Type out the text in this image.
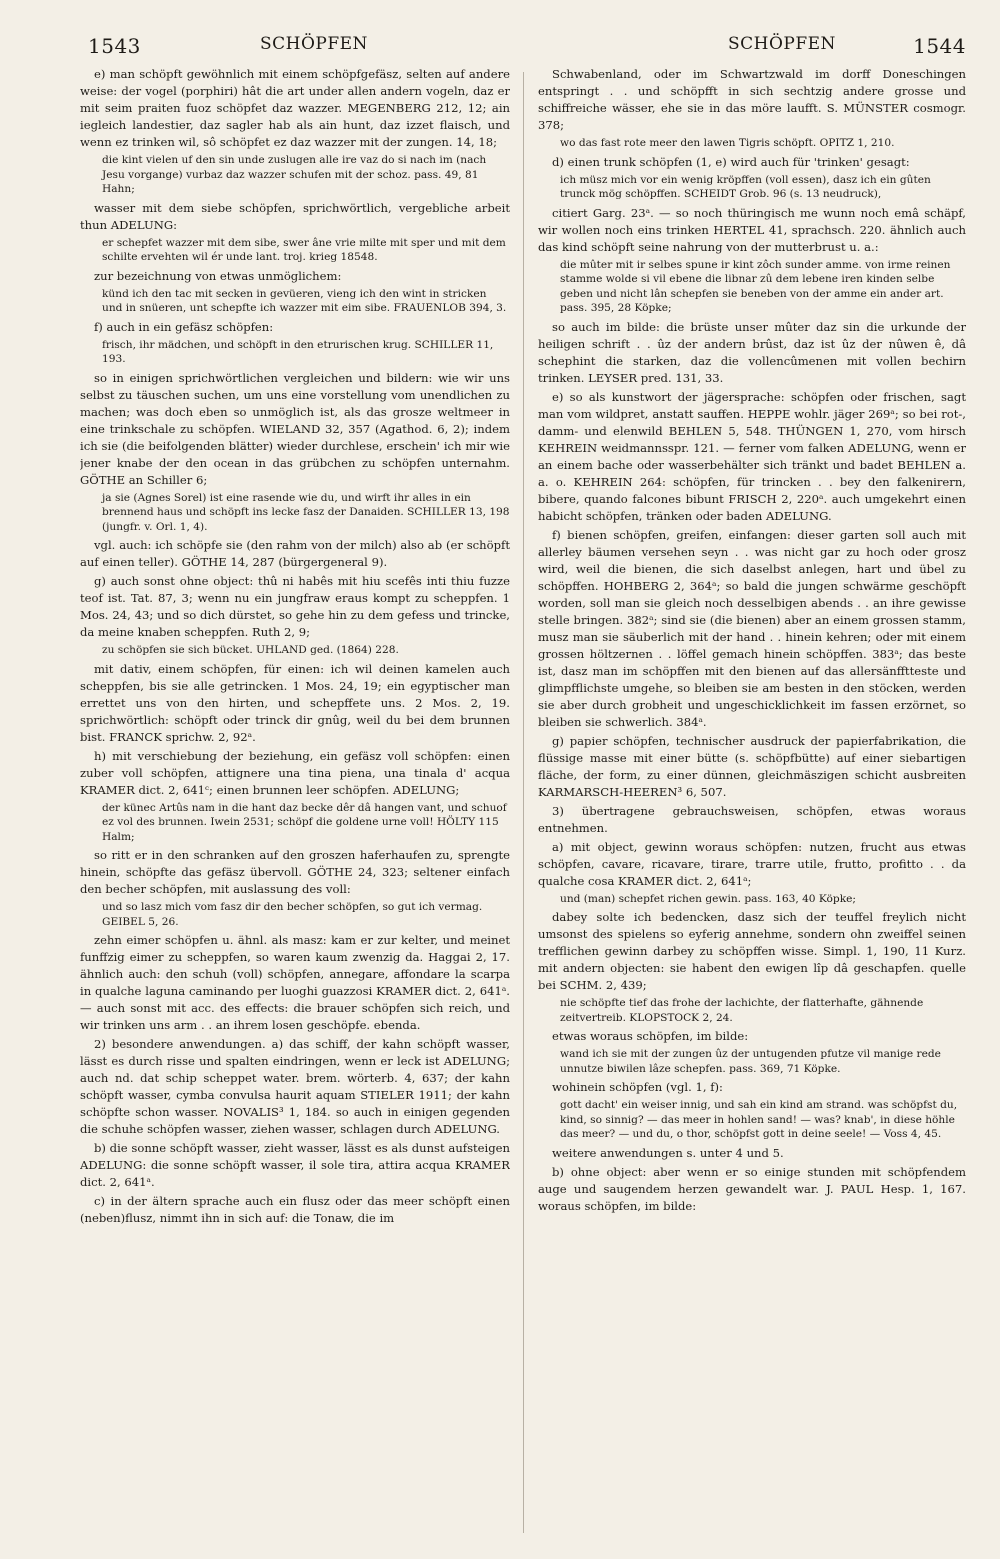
1543	SCHÖPFEN	SCHÖPFEN	1544

e) man schöpft gewöhnlich mit einem schöpfgefäsz, selten auf andere weise: der vogel (porphiri) hât die art under allen andern vogeln, daz er mit seim praiten fuoz schöpfet daz wazzer. MEGENBERG 212, 12; ain iegleich landestier, daz sagler hab als ain hunt, daz izzet flaisch, und wenn ez trinken wil, sô schöpfet ez daz wazzer mit der zungen. 14, 18;

die kint vielen uf den sin unde zuslugen alle ire vaz do si nach im (nach Jesu vorgange) vurbaz daz wazzer schufen mit der schoz. pass. 49, 81 Hahn;

wasser mit dem siebe schöpfen, sprichwörtlich, vergebliche arbeit thun ADELUNG:

er schepfet wazzer mit dem sibe, swer âne vrie milte mit sper und mit dem schilte ervehten wil ér unde lant. troj. krieg 18548.

zur bezeichnung von etwas unmöglichem:

künd ich den tac mit secken in gevüeren, vieng ich den wint in stricken und in snüeren, unt schepfte ich wazzer mit eim sibe. FRAUENLOB 394, 3.

f) auch in ein gefäsz schöpfen:

frisch, ihr mädchen, und schöpft in den etrurischen krug. SCHILLER 11, 193.

so in einigen sprichwörtlichen vergleichen und bildern: wie wir uns selbst zu täuschen suchen, um uns eine vorstellung vom unendlichen zu machen; was doch eben so unmöglich ist, als das grosze weltmeer in eine trinkschale zu schöpfen. WIELAND 32, 357 (Agathod. 6, 2); indem ich sie (die beifolgenden blätter) wieder durchlese, erschein' ich mir wie jener knabe der den ocean in das grübchen zu schöpfen unternahm. GÖTHE an Schiller 6;

ja sie (Agnes Sorel) ist eine rasende wie du, und wirft ihr alles in ein brennend haus und schöpft ins lecke fasz der Danaiden. SCHILLER 13, 198 (jungfr. v. Orl. 1, 4).

vgl. auch: ich schöpfe sie (den rahm von der milch) also ab (er schöpft auf einen teller). GÖTHE 14, 287 (bürgergeneral 9).

g) auch sonst ohne object: thû ni habês mit hiu scefês inti thiu fuzze teof ist. Tat. 87, 3; wenn nu ein jungfraw eraus kompt zu scheppfen. 1 Mos. 24, 43; und so dich dürstet, so gehe hin zu dem gefess und trincke, da meine knaben scheppfen. Ruth 2, 9;

zu schöpfen sie sich bücket. UHLAND ged. (1864) 228.

mit dativ, einem schöpfen, für einen: ich wil deinen kamelen auch scheppfen, bis sie alle getrincken. 1 Mos. 24, 19; ein egyptischer man errettet uns von den hirten, und schepffete uns. 2 Mos. 2, 19. sprichwörtlich: schöpft oder trinck dir gnûg, weil du bei dem brunnen bist. FRANCK sprichw. 2, 92ᵃ.

h) mit verschiebung der beziehung, ein gefäsz voll schöpfen: einen zuber voll schöpfen, attignere una tina piena, una tinala d' acqua KRAMER dict. 2, 641ᶜ; einen brunnen leer schöpfen. ADELUNG;

der künec Artûs nam in die hant daz becke dêr dâ hangen vant, und schuof ez vol des brunnen. Iwein 2531; schöpf die goldene urne voll! HÖLTY 115 Halm;

so ritt er in den schranken auf den groszen haferhaufen zu, sprengte hinein, schöpfte das gefäsz übervoll. GÖTHE 24, 323; seltener einfach den becher schöpfen, mit auslassung des voll:

und so lasz mich vom fasz dir den becher schöpfen, so gut ich vermag. GEIBEL 5, 26.

zehn eimer schöpfen u. ähnl. als masz: kam er zur kelter, und meinet funffzig eimer zu scheppfen, so waren kaum zwenzig da. Haggai 2, 17. ähnlich auch: den schuh (voll) schöpfen, annegare, affondare la scarpa in qualche laguna caminando per luoghi guazzosi KRAMER dict. 2, 641ᵃ. — auch sonst mit acc. des effects: die brauer schöpfen sich reich, und wir trinken uns arm . . an ihrem losen geschöpfe. ebenda.

2) besondere anwendungen. a) das schiff, der kahn schöpft wasser, lässt es durch risse und spalten eindringen, wenn er leck ist ADELUNG; auch nd. dat schip scheppet water. brem. wörterb. 4, 637; der kahn schöpft wasser, cymba convulsa haurit aquam STIELER 1911; der kahn schöpfte schon wasser. NOVALIS³ 1, 184. so auch in einigen gegenden die schuhe schöpfen wasser, ziehen wasser, schlagen durch ADELUNG.

b) die sonne schöpft wasser, zieht wasser, lässt es als dunst aufsteigen ADELUNG: die sonne schöpft wasser, il sole tira, attira acqua KRAMER dict. 2, 641ᵃ.

c) in der ältern sprache auch ein flusz oder das meer schöpft einen (neben)flusz, nimmt ihn in sich auf: die Tonaw, die im

Schwabenland, oder im Schwartzwald im dorff Doneschingen entspringt . . und schöpfft in sich sechtzig andere grosse und schiffreiche wässer, ehe sie in das möre laufft. S. MÜNSTER cosmogr. 378;

wo das fast rote meer den lawen Tigris schöpft. OPITZ 1, 210.

d) einen trunk schöpfen (1, e) wird auch für 'trinken' gesagt:

ich müsz mich vor ein wenig kröpffen (voll essen), dasz ich ein gûten trunck mög schöpffen. SCHEIDT Grob. 96 (s. 13 neudruck),

citiert Garg. 23ᵃ. — so noch thüringisch me wunn noch emâ schäpf, wir wollen noch eins trinken HERTEL 41, sprachsch. 220. ähnlich auch das kind schöpft seine nahrung von der mutterbrust u. a.:

die mûter mit ir selbes spune ir kint zôch sunder amme. von irme reinen stamme wolde si vil ebene die libnar zû dem lebene iren kinden selbe geben und nicht lân schepfen sie beneben von der amme ein ander art. pass. 395, 28 Köpke;

so auch im bilde: die brüste unser mûter daz sin die urkunde der heiligen schrift . . ûz der andern brûst, daz ist ûz der nûwen ê, dâ schephint die starken, daz die vollencûmenen mit vollen bechirn trinken. LEYSER pred. 131, 33.

e) so als kunstwort der jägersprache: schöpfen oder frischen, sagt man vom wildpret, anstatt sauffen. HEPPE wohlr. jäger 269ᵃ; so bei rot-, damm- und elenwild BEHLEN 5, 548. THÜNGEN 1, 270, vom hirsch KEHREIN weidmannsspr. 121. — ferner vom falken ADELUNG, wenn er an einem bache oder wasserbehälter sich tränkt und badet BEHLEN a. a. o. KEHREIN 264: schöpfen, für trincken . . bey den falkenirern, bibere, quando falcones bibunt FRISCH 2, 220ᵃ. auch umgekehrt einen habicht schöpfen, tränken oder baden ADELUNG.

f) bienen schöpfen, greifen, einfangen: dieser garten soll auch mit allerley bäumen versehen seyn . . was nicht gar zu hoch oder grosz wird, weil die bienen, die sich daselbst anlegen, hart und übel zu schöpffen. HOHBERG 2, 364ᵃ; so bald die jungen schwärme geschöpft worden, soll man sie gleich noch desselbigen abends . . an ihre gewisse stelle bringen. 382ᵃ; sind sie (die bienen) aber an einem grossen stamm, musz man sie säuberlich mit der hand . . hinein kehren; oder mit einem grossen höltzernen . . löffel gemach hinein schöpffen. 383ᵃ; das beste ist, dasz man im schöpffen mit den bienen auf das allersänfftteste und glimpfflichste umgehe, so bleiben sie am besten in den stöcken, werden sie aber durch grobheit und ungeschicklichkeit im fassen erzörnet, so bleiben sie schwerlich. 384ᵃ.

g) papier schöpfen, technischer ausdruck der papierfabrikation, die flüssige masse mit einer bütte (s. schöpfbütte) auf einer siebartigen fläche, der form, zu einer dünnen, gleichmäszigen schicht ausbreiten KARMARSCH-HEEREN³ 6, 507.

3) übertragene gebrauchsweisen, schöpfen, etwas woraus entnehmen.

a) mit object, gewinn woraus schöpfen: nutzen, frucht aus etwas schöpfen, cavare, ricavare, tirare, trarre utile, frutto, profitto . . da qualche cosa KRAMER dict. 2, 641ᵃ;

und (man) schepfet richen gewin. pass. 163, 40 Köpke;

dabey solte ich bedencken, dasz sich der teuffel freylich nicht umsonst des spielens so eyferig annehme, sondern ohn zweiffel seinen trefflichen gewinn darbey zu schöpffen wisse. Simpl. 1, 190, 11 Kurz. mit andern objecten: sie habent den ewigen lîp dâ geschapfen. quelle bei SCHM. 2, 439;

nie schöpfte tief das frohe der lachichte, der flatterhafte, gähnende zeitvertreib. KLOPSTOCK 2, 24.

etwas woraus schöpfen, im bilde:

wand ich sie mit der zungen ûz der untugenden pfutze vil manige rede unnutze biwilen lâze schepfen. pass. 369, 71 Köpke.

wohinein schöpfen (vgl. 1, f):

gott dacht' ein weiser innig, und sah ein kind am strand. was schöpfst du, kind, so sinnig? — das meer in hohlen sand! — was? knab', in diese höhle das meer? — und du, o thor, schöpfst gott in deine seele! — Voss 4, 45.

weitere anwendungen s. unter 4 und 5.

b) ohne object: aber wenn er so einige stunden mit schöpfendem auge und saugendem herzen gewandelt war. J. PAUL Hesp. 1, 167. woraus schöpfen, im bilde:
